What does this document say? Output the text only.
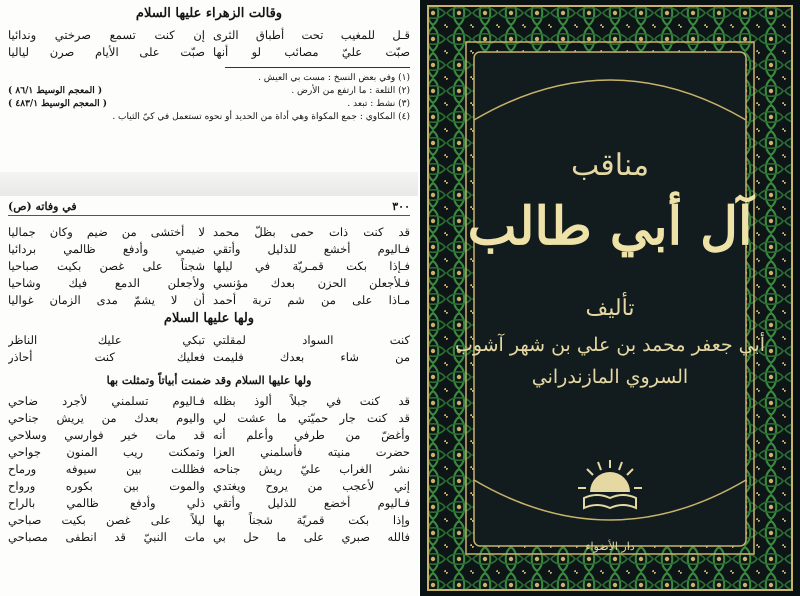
وقالت الزهراء عليها السلام
قـل للمغيب تحت أطباق الثرى
إن كنت تسمع صرختي وندائيا
صبّت عليّ مصائب لو أنها
صبّت على الأيام صرن لياليا
(١) وفي بعض النسخ : مست بي العيش .
(٢) الثلعة : ما ارتفع من الأرض .
( المعجم الوسيط ٨٦/١ )
(٣) نشط : تبعد .
( المعجم الوسيط ٤٨٣/١ )
(٤) المكاوي : جمع المكواة وهي أداة من الحديد أو نحوه تستعمل في كيّ الثياب .
٣٠٠
في وفاته (ص)
قد كنت ذات حمى بظلّ محمد
لا أختشى من ضيم وكان جماليا
فـاليوم أخشع للذليل وأتقي
ضيمي وأدفع ظالمي بردائيا
فـإذا بكت قمـريّة في ليلها
شجناً على غصن بكيت صباحيا
فـلأجعلن الحزن بعدك مؤنسي
ولأجعلن الدمع فيك وشاحيا
مـاذا على من شم تربة أحمد
أن لا يشمّ مدى الزمان غواليا
ولها عليها السلام
كنت السواد لمقلتي
تبكي عليك الناظر
من شاء بعدك فليمت
فعليك كنت أحاذر
ولها عليها السلام وقد ضمنت أبياتاً وتمثلت بها
قد كنت في جبلاً ألوذ بظله
فـاليوم تسلمني لأجرد ضاحي
قد كنت جار حميّتي ما عشت لي
واليوم بعدك من يريش جناحي
وأغضّ من طرفي وأعلم أنه
قد مات خير فوارسي وسلاحي
حضرت منيته فأسلمني العزا
وتمكنت ريب المنون جواحي
نشر الغراب عليّ ريش جناحه
فظللت بين سيوفه ورماح
إني لأعجب من يروح ويغتدي
والموت بين بكوره ورواح
فـاليوم أخضع للذليل وأتقي
ذلي وأدفع ظالمي بالراح
وإذا بكت قمريّة شجناً بها
ليلاً على غصن بكيت صباحي
فالله صبري على ما حل بي
مات النبيّ قد انطفى مصباحي
مناقب
آل أبي طالب
تأليف
أبي جعفر محمد بن علي بن شهر آشوب
السروي المازندراني
دار الأضواء
